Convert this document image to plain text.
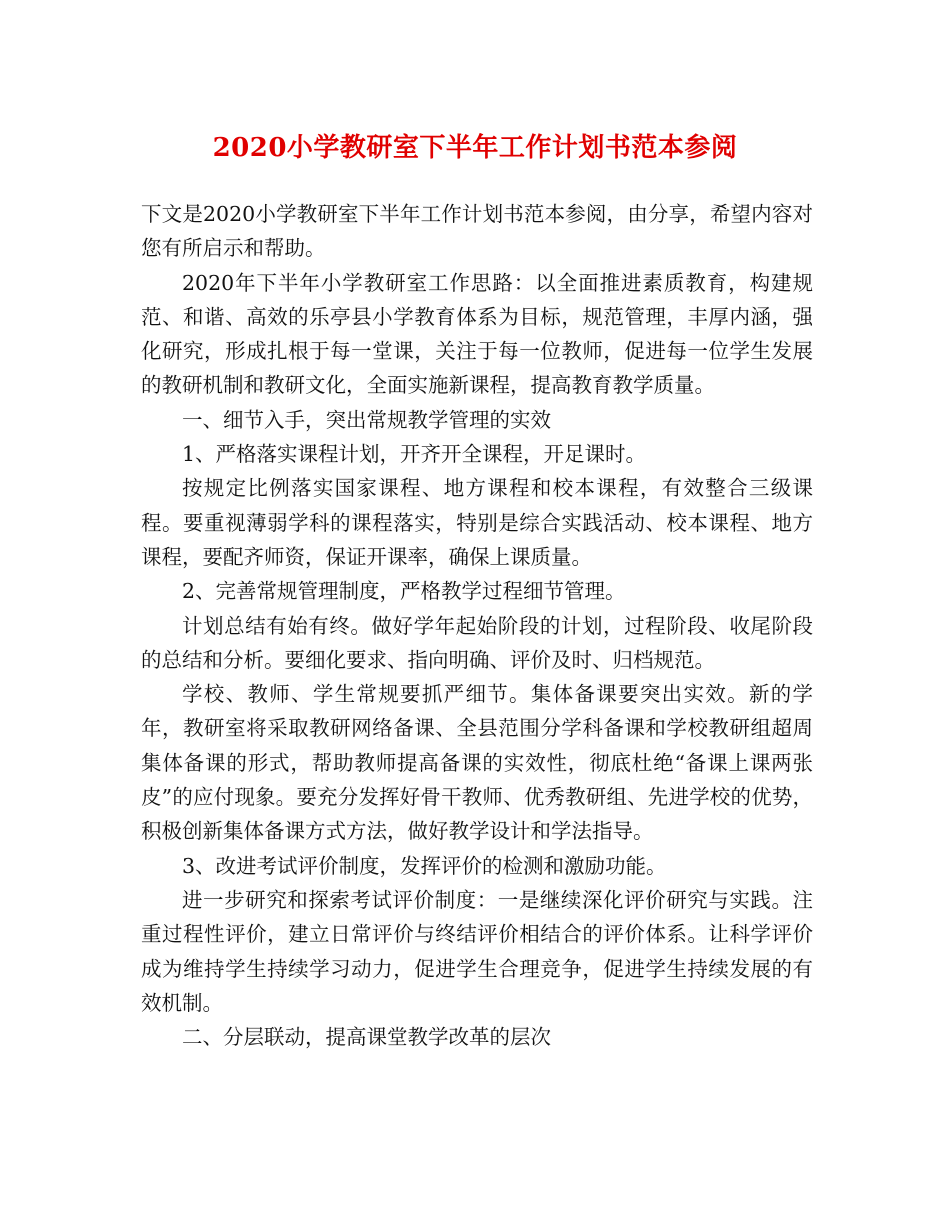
2020小学教研室下半年工作计划书范本参阅

下文是2020小学教研室下半年工作计划书范本参阅，由分享，希望内容对您有所启示和帮助。

2020年下半年小学教研室工作思路：以全面推进素质教育，构建规范、和谐、高效的乐亭县小学教育体系为目标，规范管理，丰厚内涵，强化研究，形成扎根于每一堂课，关注于每一位教师，促进每一位学生发展的教研机制和教研文化，全面实施新课程，提高教育教学质量。

一、细节入手，突出常规教学管理的实效

1、严格落实课程计划，开齐开全课程，开足课时。

按规定比例落实国家课程、地方课程和校本课程，有效整合三级课程。要重视薄弱学科的课程落实，特别是综合实践活动、校本课程、地方课程，要配齐师资，保证开课率，确保上课质量。

2、完善常规管理制度，严格教学过程细节管理。

计划总结有始有终。做好学年起始阶段的计划，过程阶段、收尾阶段的总结和分析。要细化要求、指向明确、评价及时、归档规范。

学校、教师、学生常规要抓严细节。集体备课要突出实效。新的学年，教研室将采取教研网络备课、全县范围分学科备课和学校教研组超周集体备课的形式，帮助教师提高备课的实效性，彻底杜绝“备课上课两张皮”的应付现象。要充分发挥好骨干教师、优秀教研组、先进学校的优势，积极创新集体备课方式方法，做好教学设计和学法指导。

3、改进考试评价制度，发挥评价的检测和激励功能。

进一步研究和探索考试评价制度：一是继续深化评价研究与实践。注重过程性评价，建立日常评价与终结评价相结合的评价体系。让科学评价成为维持学生持续学习动力，促进学生合理竞争，促进学生持续发展的有效机制。

二、分层联动，提高课堂教学改革的层次
